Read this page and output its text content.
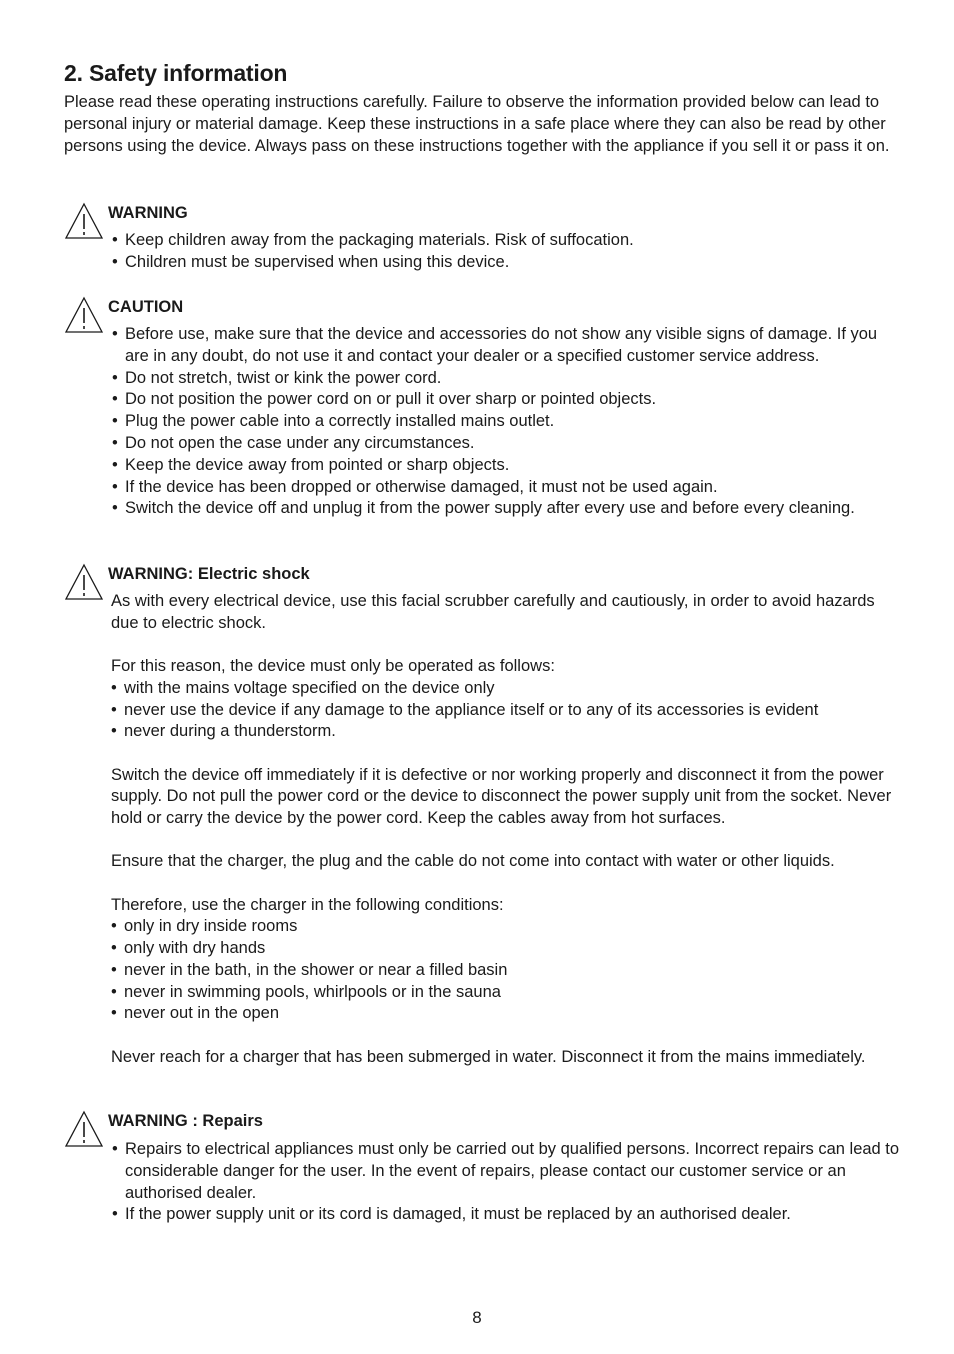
2. Safety information

Please read these operating instructions carefully. Failure to observe the information provided below can lead to personal injury or material damage. Keep these instructions in a safe place where they can also be read by other persons using the device. Always pass on these instructions together with the appliance if you sell it or pass it on.

WARNING
• Keep children away from the packaging materials. Risk of suffocation.
• Children must be supervised when using this device.
CAUTION
• Before use, make sure that the device and accessories do not show any visible signs of damage. If you are in any doubt, do not use it and contact your dealer or a specified customer service address.
• Do not stretch, twist or kink the power cord.
• Do not position the power cord on or pull it over sharp or pointed objects.
• Plug the power cable into a correctly installed mains outlet.
• Do not open the case under any circumstances.
• Keep the device away from pointed or sharp objects.
• If the device has been dropped or otherwise damaged, it must not be used again.
• Switch the device off and unplug it from the power supply after every use and before every cleaning.
WARNING: Electric shock

As with every electrical device, use this facial scrubber carefully and cautiously, in order to avoid hazards due to electric shock.

For this reason, the device must only be operated as follows:

• with the mains voltage specified on the device only
• never use the device if any damage to the appliance itself or to any of its accessories is evident
• never during a thunderstorm.

Switch the device off immediately if it is defective or nor working properly and disconnect it from the power supply. Do not pull the power cord or the device to disconnect the power supply unit from the socket. Never hold or carry the device by the power cord. Keep the cables away from hot surfaces.

Ensure that the charger, the plug and the cable do not come into contact with water or other liquids.

Therefore, use the charger in the following conditions:

• only in dry inside rooms
• only with dry hands
• never in the bath, in the shower or near a filled basin
• never in swimming pools, whirlpools or in the sauna
• never out in the open

Never reach for a charger that has been submerged in water. Disconnect it from the mains immediately.

WARNING : Repairs
• Repairs to electrical appliances must only be carried out by qualified persons. Incorrect repairs can lead to considerable danger for the user. In the event of repairs, please contact our customer service or an authorised dealer.
• If the power supply unit or its cord is damaged, it must be replaced by an authorised dealer.
8
